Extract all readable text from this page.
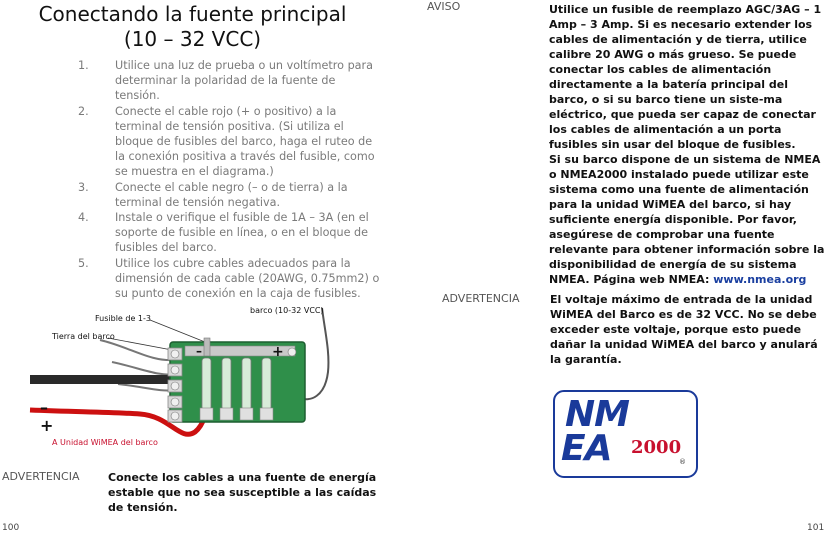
Conectando la fuente principal
(10 – 32 VCC)
1.	Utilice una luz de prueba o un voltímetro para determinar la polaridad de la fuente de tensión.
2.	Conecte el cable rojo (+ o positivo) a la terminal de tensión positiva. (Si utiliza el bloque de fusibles del barco, haga el ruteo de la conexión positiva a través del fusible, como se muestra en el diagrama.)
3.	Conecte el cable negro (– o de tierra) a la terminal de tensión negativa.
4.	Instale o verifique el fusible de 1A – 3A (en el soporte de fusible en línea, o en el bloque de fusibles del barco.
5.	Utilice los cubre cables adecuados para la dimensión de cada cable (20AWG, 0.75mm2) o su punto de conexión en la caja de fusibles.
Fusible de 1-3
barco (10-32 VCC)
Tierra del barco
A Unidad WiMEA del barco
–
+
+
–
ADVERTENCIA	Conecte los cables a una fuente de energía estable que no sea susceptible a las caídas de tensión.
100
AVISO	Utilice un fusible de reemplazo AGC/3AG – 1 Amp – 3 Amp. Si es necesario extender los cables de alimentación y de tierra, utilice calibre 20 AWG o más grueso. Se puede conectar los cables de alimentación directamente a la batería principal del barco, o si su barco tiene un siste-ma eléctrico, que pueda ser capaz de conectar los cables de alimentación a un porta fusibles sin usar del bloque de fusibles.
Si su barco dispone de un sistema de NMEA o NMEA2000 instalado puede utilizar este sistema como una fuente de alimentación para la unidad WiMEA del barco, si hay suficiente energía disponible. Por favor, asegúrese de comprobar una fuente relevante para obtener información sobre la disponibilidad de energía de su sistema NMEA. Página web NMEA: www.nmea.org
ADVERTENCIA	El voltaje máximo de entrada de la unidad WiMEA del Barco es de 32 VCC. No se debe exceder este voltaje, porque esto puede dañar la unidad WiMEA del barco y anulará la garantía.
NM
EA 2000
®
101
